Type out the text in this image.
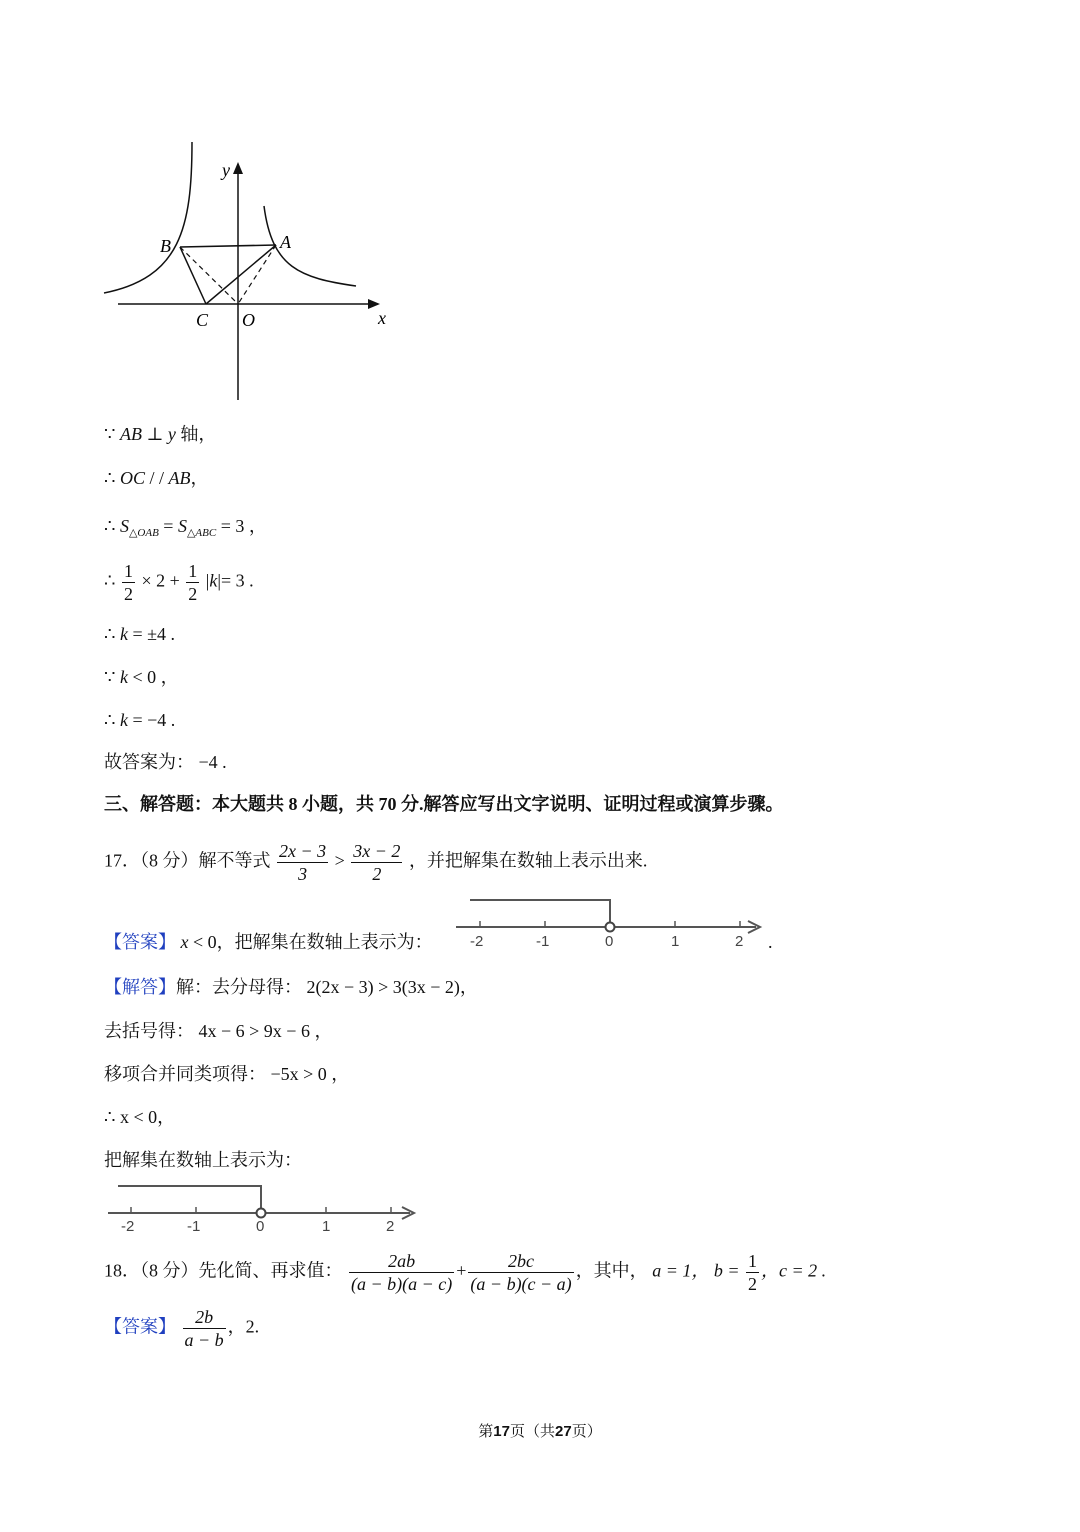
y
x
A
B
C O
∵ AB ⊥ y 轴，
∴ OC / / AB，
∴ $S_{\triangle OAB} = S_{\triangle ABC} = 3$ ，
∴ $\frac{1}{2} \times 2 + \frac{1}{2} |k|= 3$ .
∴ k = ±4 .
∵ k < 0 ，
∴ k = −4 .
故答案为： −4 .
三、解答题：本大题共 8 小题，共 70 分.解答应写出文字说明、证明过程或演算步骤。
17．（8 分）解不等式 $\frac{2x - 3}{3} > \frac{3x - 2}{2}$ ，并把解集在数轴上表示出来.
【答案】 x < 0，把解集在数轴上表示为：	.
-2	-1	0	1	2
【解答】解：去分母得： 2(2x − 3) > 3(3x − 2)，
去括号得： 4x − 6 > 9x − 6 ，
移项合并同类项得： −5x > 0 ，
∴ x < 0，
把解集在数轴上表示为：
-2	-1	0	1	2
18．（8 分）先化简、再求值： $\frac{2ab}{(a - b)(a - c)} + \frac{2bc}{(a - b)(c - a)}$ ，其中， a = 1， $b = \frac{1}{2}$ ，c = 2 .
【答案】 $\frac{2b}{a - b}$ ，2.
第17页（共27页）
